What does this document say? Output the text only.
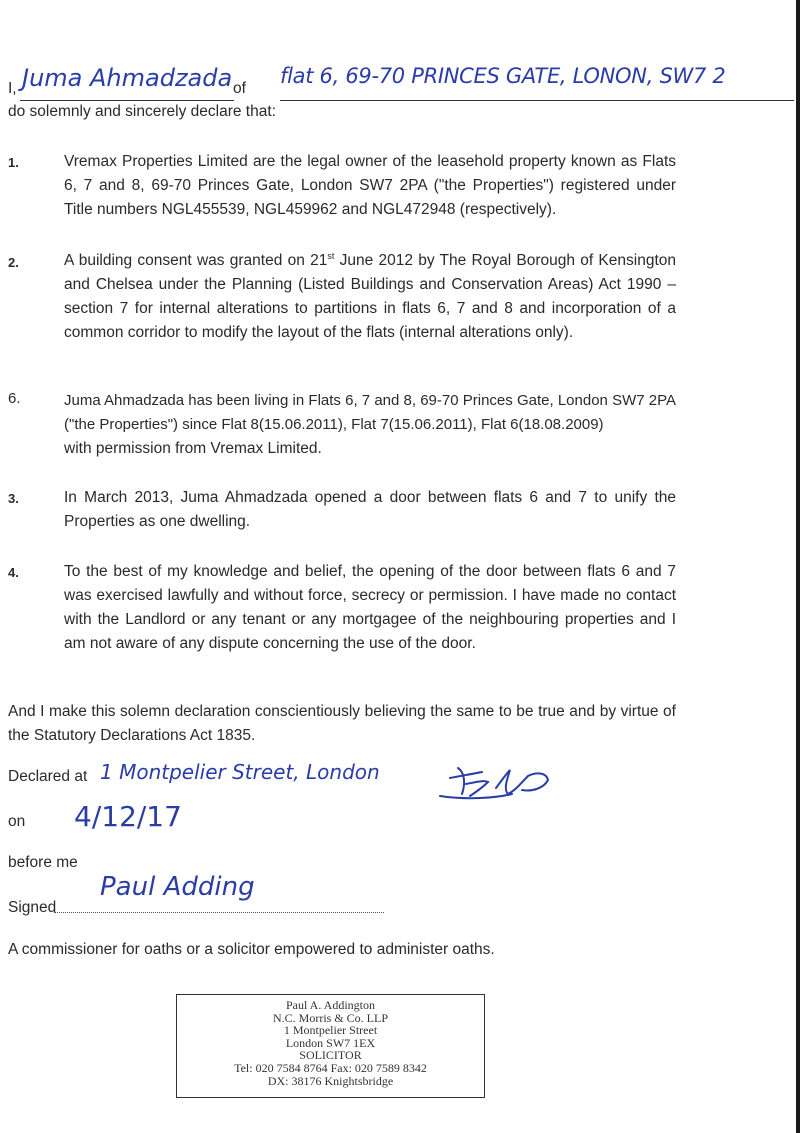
I, Juma Ahmadzada of
flat 6, 69-70 PRINCES GATE, LONON, SW7 2
do solemnly and sincerely declare that:
1.	Vremax Properties Limited are the legal owner of the leasehold property known as Flats 6, 7 and 8, 69-70 Princes Gate, London SW7 2PA ("the Properties") registered under Title numbers NGL455539, NGL459962 and NGL472948 (respectively).
2.	A building consent was granted on 21st June 2012 by The Royal Borough of Kensington and Chelsea under the Planning (Listed Buildings and Conservation Areas) Act 1990 – section 7 for internal alterations to partitions in flats 6, 7 and 8 and incorporation of a common corridor to modify the layout of the flats (internal alterations only).
6.	Juma Ahmadzada has been living in Flats 6, 7 and 8, 69-70 Princes Gate, London SW7 2PA ("the Properties") since Flat 8(15.06.2011), Flat 7(15.06.2011), Flat 6(18.08.2009)
with permission from Vremax Limited.
3.	In March 2013, Juma Ahmadzada opened a door between flats 6 and 7 to unify the Properties as one dwelling.
4.	To the best of my knowledge and belief, the opening of the door between flats 6 and 7 was exercised lawfully and without force, secrecy or permission. I have made no contact with the Landlord or any tenant or any mortgagee of the neighbouring properties and I am not aware of any dispute concerning the use of the door.
And I make this solemn declaration conscientiously believing the same to be true and by virtue of the Statutory Declarations Act 1835.
Declared at 1 Montpelier Street, London
on 4/12/17
before me
Signed
Paul Adding
A commissioner for oaths or a solicitor empowered to administer oaths.
Paul A. Addington
N.C. Morris & Co. LLP
1 Montpelier Street
London SW7 1EX
SOLICITOR
Tel: 020 7584 8764 Fax: 020 7589 8342
DX: 38176 Knightsbridge
